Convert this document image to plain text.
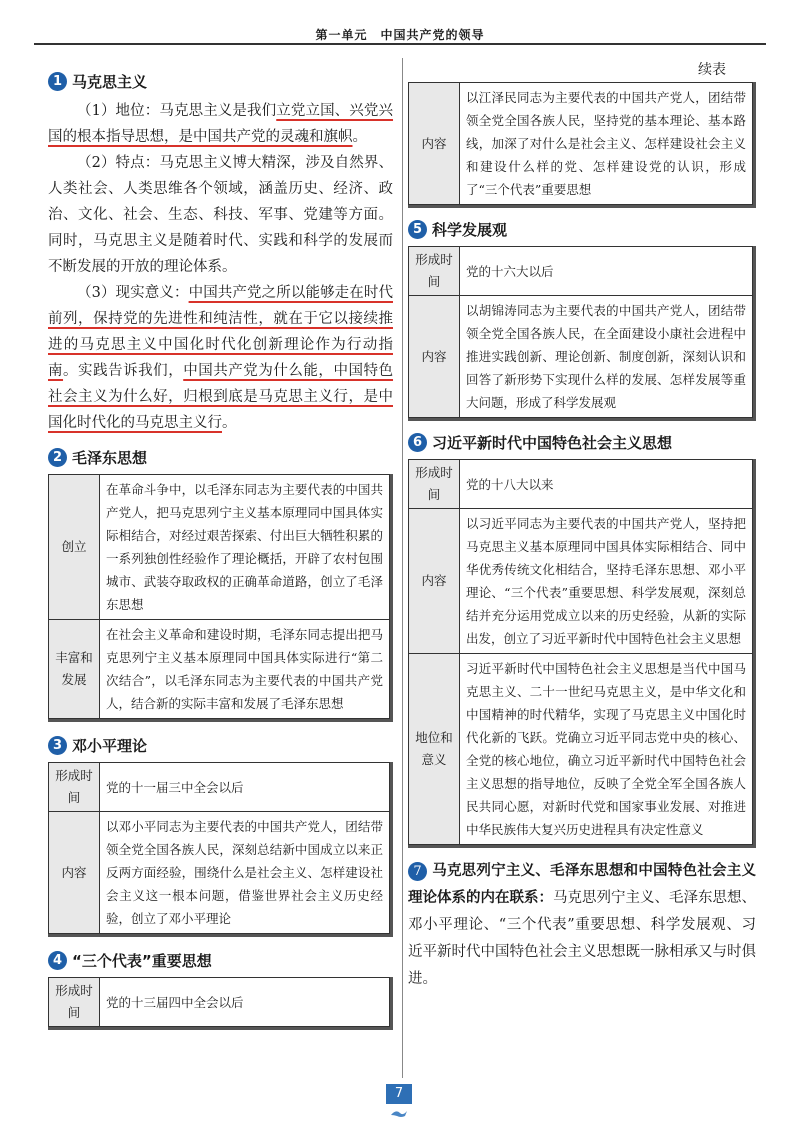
第一单元　中国共产党的领导
1 马克思主义

（1）地位：马克思主义是我们立党立国、兴党兴国的根本指导思想，是中国共产党的灵魂和旗帜。

（2）特点：马克思主义博大精深，涉及自然界、人类社会、人类思维各个领域，涵盖历史、经济、政治、文化、社会、生态、科技、军事、党建等方面。同时，马克思主义是随着时代、实践和科学的发展而不断发展的开放的理论体系。

（3）现实意义：中国共产党之所以能够走在时代前列，保持党的先进性和纯洁性，就在于它以接续推进的马克思主义中国化时代化创新理论作为行动指南。实践告诉我们，中国共产党为什么能，中国特色社会主义为什么好，归根到底是马克思主义行，是中国化时代化的马克思主义行。

2 毛泽东思想
创立	在革命斗争中，以毛泽东同志为主要代表的中国共产党人，把马克思列宁主义基本原理同中国具体实际相结合，对经过艰苦探索、付出巨大牺牲积累的一系列独创性经验作了理论概括，开辟了农村包围城市、武装夺取政权的正确革命道路，创立了毛泽东思想
丰富和发展	在社会主义革命和建设时期，毛泽东同志提出把马克思列宁主义基本原理同中国具体实际进行“第二次结合”，以毛泽东同志为主要代表的中国共产党人，结合新的实际丰富和发展了毛泽东思想
3 邓小平理论
形成时间	党的十一届三中全会以后
内容	以邓小平同志为主要代表的中国共产党人，团结带领全党全国各族人民，深刻总结新中国成立以来正反两方面经验，围绕什么是社会主义、怎样建设社会主义这一根本问题，借鉴世界社会主义历史经验，创立了邓小平理论
4 “三个代表”重要思想
形成时间	党的十三届四中全会以后
续表
内容	以江泽民同志为主要代表的中国共产党人，团结带领全党全国各族人民，坚持党的基本理论、基本路线，加深了对什么是社会主义、怎样建设社会主义和建设什么样的党、怎样建设党的认识，形成了“三个代表”重要思想
5 科学发展观
形成时间	党的十六大以后
内容	以胡锦涛同志为主要代表的中国共产党人，团结带领全党全国各族人民，在全面建设小康社会进程中推进实践创新、理论创新、制度创新，深刻认识和回答了新形势下实现什么样的发展、怎样发展等重大问题，形成了科学发展观
6 习近平新时代中国特色社会主义思想
形成时间	党的十八大以来
内容	以习近平同志为主要代表的中国共产党人，坚持把马克思主义基本原理同中国具体实际相结合、同中华优秀传统文化相结合，坚持毛泽东思想、邓小平理论、“三个代表”重要思想、科学发展观，深刻总结并充分运用党成立以来的历史经验，从新的实际出发，创立了习近平新时代中国特色社会主义思想
地位和意义	习近平新时代中国特色社会主义思想是当代中国马克思主义、二十一世纪马克思主义，是中华文化和中国精神的时代精华，实现了马克思主义中国化时代化新的飞跃。党确立习近平同志党中央的核心、全党的核心地位，确立习近平新时代中国特色社会主义思想的指导地位，反映了全党全军全国各族人民共同心愿，对新时代党和国家事业发展、对推进中华民族伟大复兴历史进程具有决定性意义
7 马克思列宁主义、毛泽东思想和中国特色社会主义理论体系的内在联系：马克思列宁主义、毛泽东思想、邓小平理论、“三个代表”重要思想、科学发展观、习近平新时代中国特色社会主义思想既一脉相承又与时俱进。
7
